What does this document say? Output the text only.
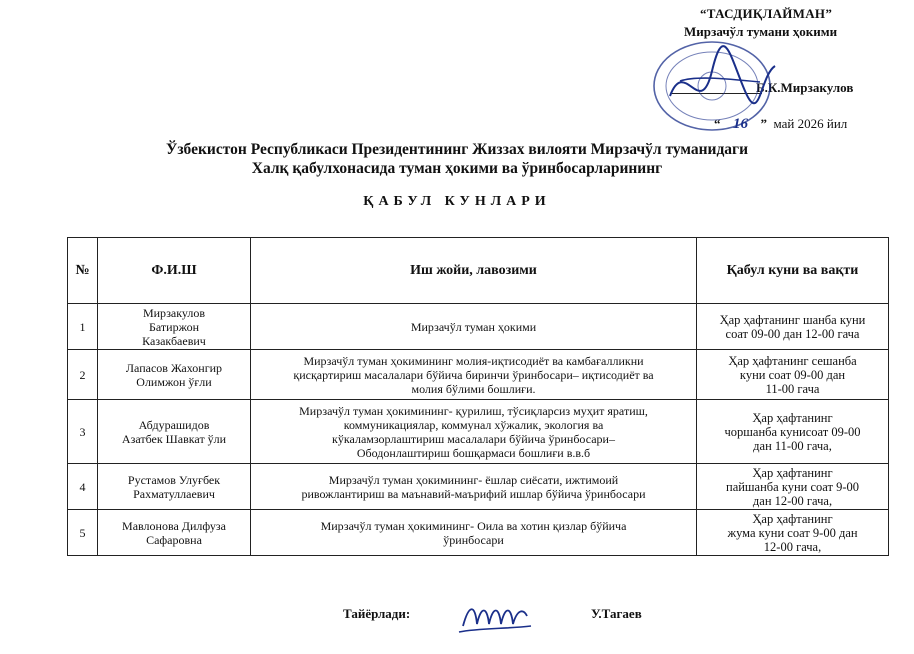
“ТАСДИҚЛАЙМАН”
Мирзачўл тумани ҳокими
Б.К.Мирзакулов
“ 16 ”  май 2026 йил
Ўзбекистон Республикаси Президентининг Жиззах вилояти Мирзачўл туманидаги
Халқ қабулхонасида туман ҳокими ва ўринбосарларининг
ҚАБУЛ КУНЛАРИ
№	Ф.И.Ш	Иш жойи, лавозими	Қабул куни ва вақти
1	Мирзакулов
Батиржон
Казакбаевич	Мирзачўл туман ҳокими	Ҳар ҳафтанинг шанба куни
соат 09-00 дан 12-00 гача
2	Лапасов Жахонгир
Олимжон ўғли	Мирзачўл туман ҳокимининг молия-иқтисодиёт ва камбағалликни
қисқартириш масалалари бўйича биринчи ўринбосари– иқтисодиёт ва
молия бўлими бошлиғи.	Ҳар ҳафтанинг сешанба
куни соат 09-00 дан
11-00 гача
3	Абдурашидов
Азатбек Шавкат ўли	Мирзачўл туман ҳокимининг- қурилиш, тўсиқларсиз муҳит яратиш,
коммуникациялар, коммунал хўжалик, экология ва
кўкаламзорлаштириш масалалари бўйича ўринбосари–
Ободонлаштириш бошқармаси бошлиғи в.в.б	Ҳар ҳафтанинг
чоршанба кунисоат 09-00
дан 11-00 гача,
4	Рустамов Улуғбек
Рахматуллаевич	Мирзачўл туман ҳокимининг- ёшлар сиёсати, ижтимоий
ривожлантириш ва маънавий-маърифий ишлар бўйича ўринбосари	Ҳар ҳафтанинг
пайшанба куни соат 9-00
дан 12-00 гача,
5	Мавлонова Дилфуза
Сафаровна	Мирзачўл туман ҳокимининг- Оила ва хотин қизлар бўйича
ўринбосари	Ҳар ҳафтанинг
жума куни соат 9-00 дан
12-00 гача,
Тайёрлади:	У.Тагаев
